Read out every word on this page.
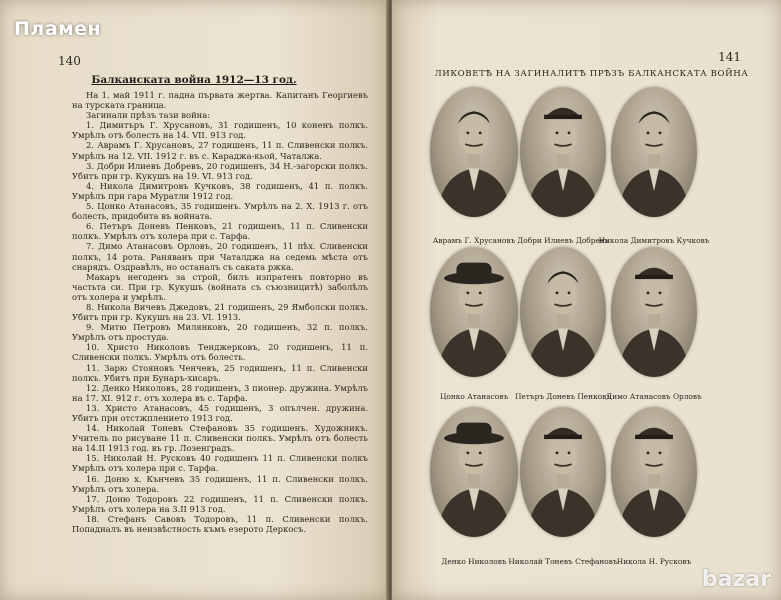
140
Балканската война 1912—13 год.

На 1. май 1911 г. падна първата жертва. Капитанъ Георгиевъ на турската граница.

Загинали прѣзъ тази война:

1. Димитъръ Г. Хрусановъ, 31 годишенъ, 10 коненъ полкъ. Умрѣлъ отъ болесть на 14. VII. 913 год.

2. Аврамъ Г. Хрусановъ, 27 годишенъ, 11 п. Сливенски полкъ. Умрѣлъ на 12. VII. 1912 г. въ с. Караджа-кьой, Чаталжа.

3. Добри Илиевъ Добревъ, 20 годишенъ, 34 Н.-загорски полкъ. Убитъ при гр. Кукушъ на 19. VI. 913 год.

4. Никола Димитровъ Кучковъ, 38 годишенъ, 41 п. полкъ. Умрѣлъ при гара Муратли 1912 год.

5. Цонко Атанасовъ, 35 годишенъ. Умрѣлъ на 2. Х. 1913 г. отъ болесть, придобита въ войната.

6. Петъръ Доневъ Пенковъ, 21 годишенъ, 11 п. Сливенски полкъ. Умрѣлъ отъ холера при с. Тарфа.

7. Димо Атанасовъ Орловъ, 20 годишенъ, 11 пѣх. Сливенски полкъ, 14 рота. Раняванъ при Чаталджа на седемь мѣста отъ снарядъ. Оздравѣлъ, но останалъ съ саката ржка.

Макаръ негоденъ за строй, билъ изпратенъ повторно въ частьта си. При гр. Кукушъ (войната съ съюзницитѣ) заболѣлъ отъ холера и умрѣлъ.

8. Никола Вичевъ Джедовъ, 21 годишенъ, 29 Ямболски полкъ. Убитъ при гр. Кукушъ на 23. VI. 1913.

9. Митю Петровъ Милянковъ, 20 годишенъ, 32 п. полкъ. Умрѣлъ отъ простуда.

10. Христо Николовъ Тенджерковъ, 20 годишенъ, 11 п. Сливенски полкъ. Умрѣлъ отъ болесть.

11. Зарю Стояновъ Ченчевъ, 25 годишенъ, 11 п. Сливенски полкъ. Убитъ при Бунаръ-хисаръ.

12. Денко Николовъ, 28 годишенъ, 3 пионер. дружина. Умрѣлъ на 17. XI. 912 г. отъ холера въ с. Тарфа.

13. Христо Атанасовъ, 45 годишенъ, 3 опълчен. дружина. Убитъ при отстжплението 1913 год.

14. Николай Тоневъ Стефановъ 35 годишенъ. Художникъ. Учитель по рисуване 11 п. Сливенски полкъ. Умрѣлъ отъ болесть на 14.II 1913 год. въ гр. Лозенградъ.

15. Николай Н. Русковъ 40 годишенъ 11 п. Сливенски полкъ Умрѣлъ отъ холера при с. Тарфа.

16. Доню х. Кънчевъ 35 годишенъ, 11 п. Сливенски полкъ. Умрѣлъ отъ холера.

17. Доню Тодоровъ 22 годишенъ, 11 п. Сливенски полкъ. Умрѣлъ отъ холера на 3.II 913 год.

18. Стефанъ Савовъ Тодоровъ, 11 п. Сливенски полкъ. Попадналъ въ неизвѣстность къмъ езерото Деркосъ.

141
ЛИКОВЕТѢ НА ЗАГИНАЛИТѢ ПРѢЗЪ БАЛКАНСКАТА ВОЙНА
Аврамъ Г. Хрусановъ Добри Илиевъ Добревъ
Никола Димитровъ Кучковъ
Цонко Атанасовъ Петъръ Доневъ Пенковъ
Димо Атанасовъ Орловъ
Денко Николовъ Николай Тоневъ Стефановъ Никола Н. Русковъ
Пламен
bazar
